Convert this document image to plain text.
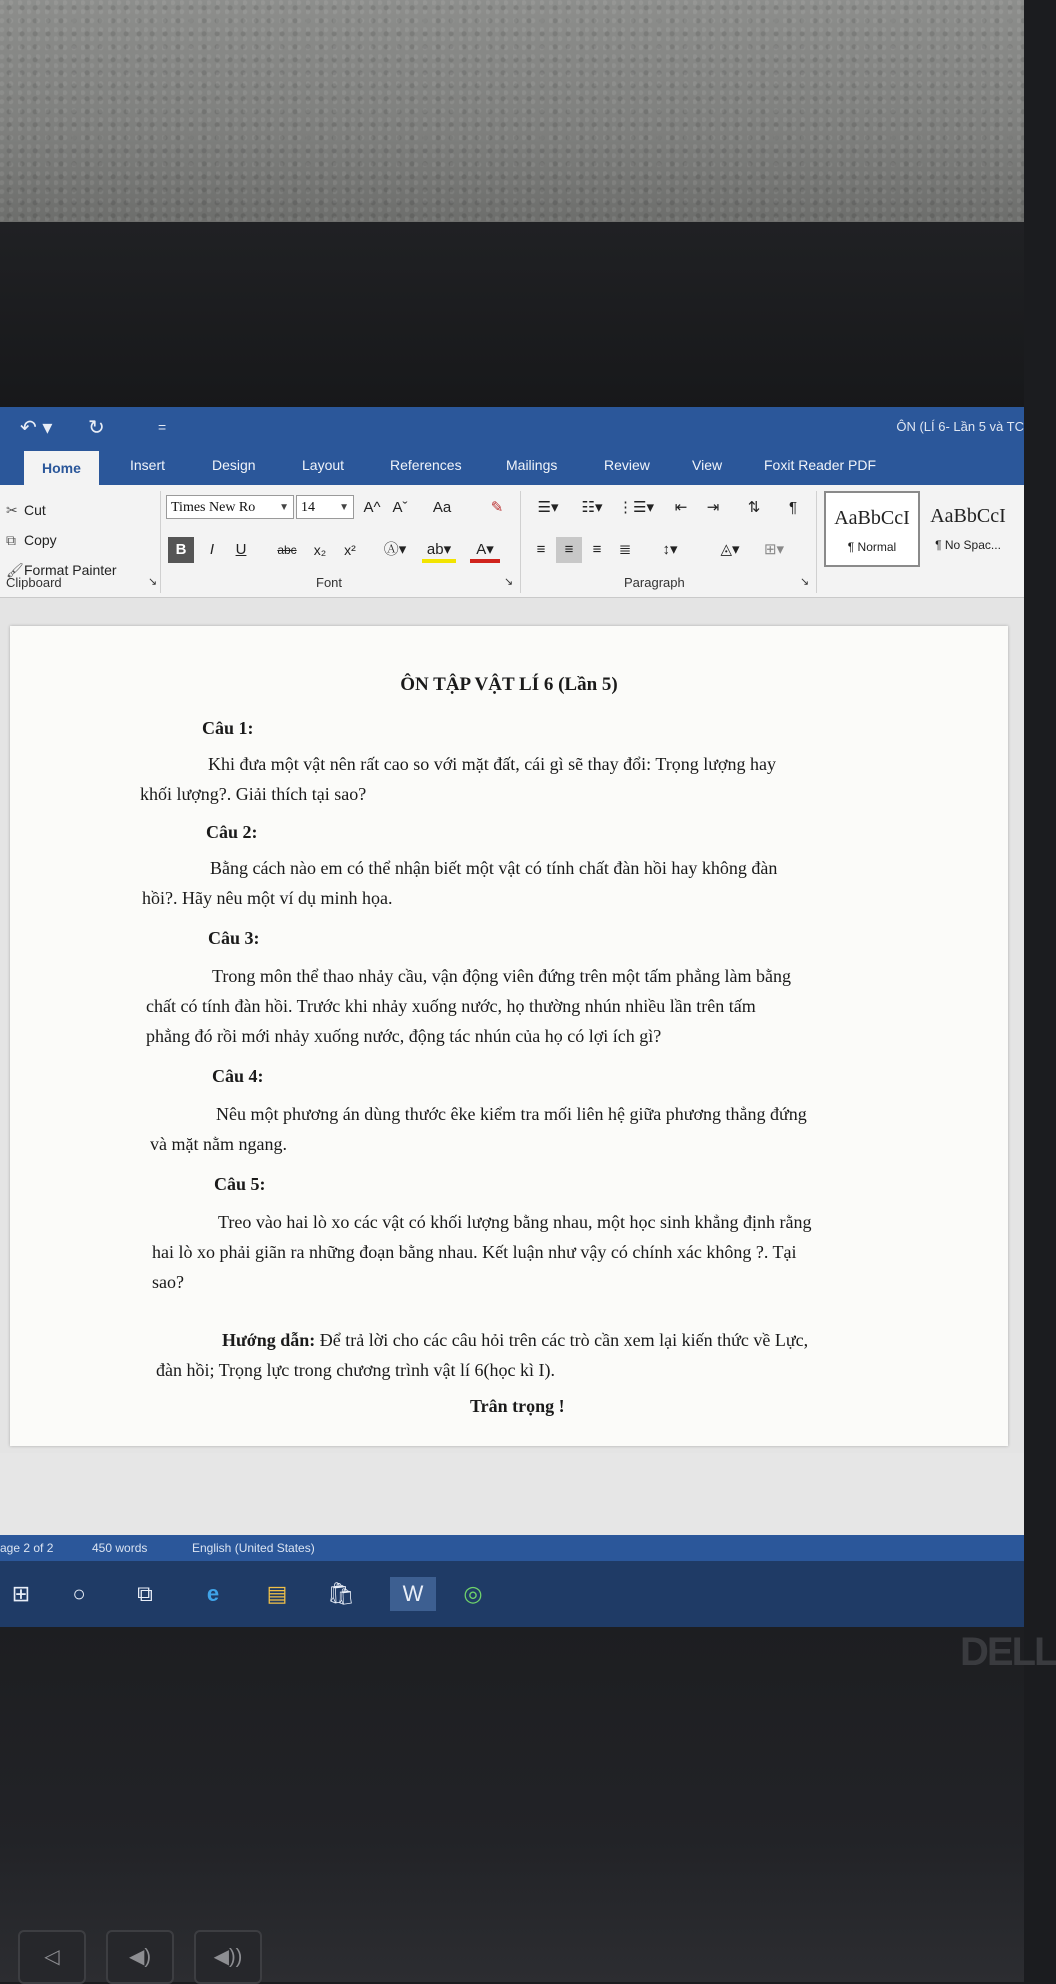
↶ ▾ ↻	=	ÔN (LÍ 6- Lần 5 và TC
Home	Insert	Design	Layout	References	Mailings	Review	View	Foxit Reader PDF
✂ Cut
⧉ Copy
🖌Format Painter
Clipboard	↘
Times New Ro ▼ 14 ▼ A^ Aˇ	Aa	✎
B	I	U	abc	x₂	x²	Ⓐ▾	ab▾	A▾
Font	↘
☰▾	☷▾	⋮☰▾	⇤	⇥	⇅	¶
≡	≡	≡	≣	↕▾	◬▾	⊞▾
Paragraph	↘
AaBbCcI
¶ Normal
AaBbCcI
¶ No Spac...
ÔN TẬP VẬT LÍ 6 (Lần 5)
Câu 1:
Khi đưa một vật nên rất cao so với mặt đất, cái gì sẽ thay đổi: Trọng lượng hay
khối lượng?. Giải thích tại sao?
Câu 2:
Bằng cách nào em có thể nhận biết một vật có tính chất đàn hồi hay không đàn
hồi?. Hãy nêu một ví dụ minh họa.
Câu 3:
Trong môn thể thao nhảy cầu, vận động viên đứng trên một tấm phẳng làm bằng
chất có tính đàn hồi. Trước khi nhảy xuống nước, họ thường nhún nhiều lần trên tấm
phẳng đó rồi mới nhảy xuống nước, động tác nhún của họ có lợi ích gì?
Câu 4:
Nêu một phương án dùng thước êke kiểm tra mối liên hệ giữa phương thẳng đứng
và mặt nằm ngang.
Câu 5:
Treo vào hai lò xo các vật có khối lượng bằng nhau, một học sinh khẳng định rằng
hai lò xo phải giãn ra những đoạn bằng nhau. Kết luận như vậy có chính xác không ?. Tại
sao?
Hướng dẫn: Để trả lời cho các câu hỏi trên các trò cần xem lại kiến thức về Lực,
đàn hồi; Trọng lực trong chương trình vật lí 6(học kì I).
Trân trọng !
age 2 of 2	450 words	English (United States)
⊞	○	⧉	e	▤	🛍	W	◎
DELL
◁	◀)	◀))
